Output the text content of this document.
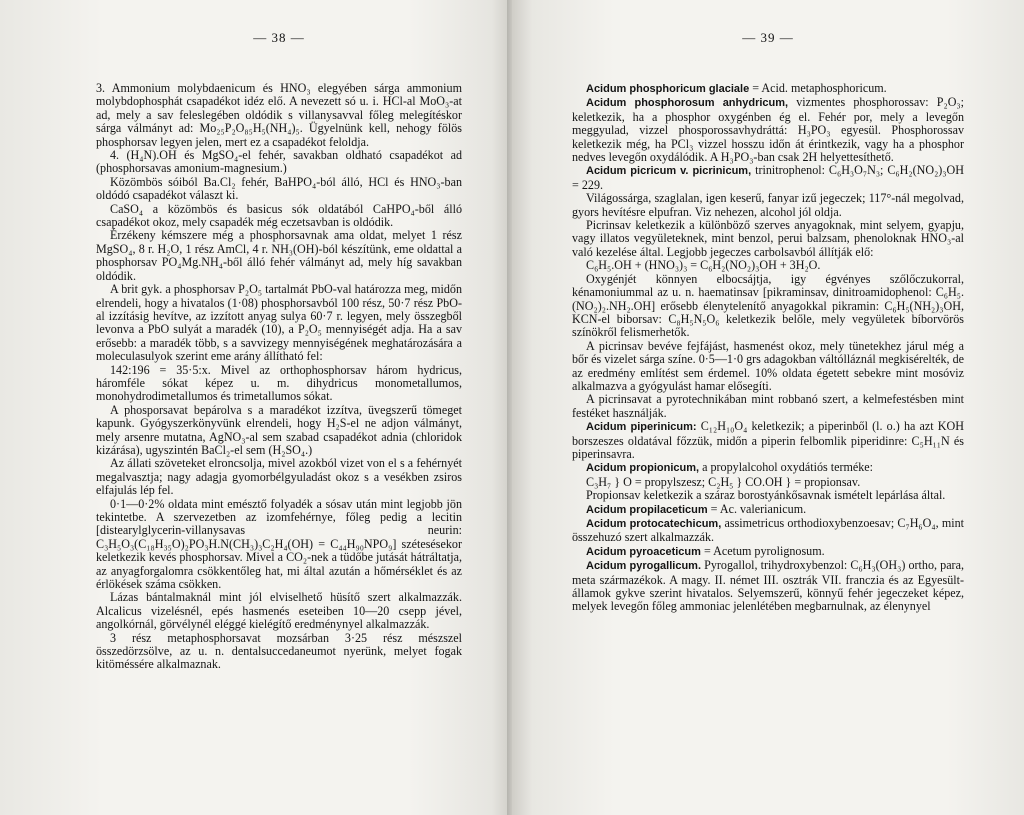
— 38 —

3. Ammonium molybdaenicum és HNO₃ elegyében sárga ammonium molybdophosphát csapadékot idéz elő. A nevezett só u. i. HCl-al MoO₃-at ad, mely a sav feleslegében oldódik s villanysavval főleg melegítéskor sárga válmányt ad: Mo₂₅P₂O₈₅H₅(NH₄)₅. Ügyelnünk kell, nehogy fölös phosphorsav legyen jelen, mert ez a csapadékot feloldja.

4. (H₄N).OH és MgSO₄-el fehér, savakban oldható csapadékot ad (phosphorsavas amonium-magnesium.)

Közömbös sóiból Ba.Cl₂ fehér, BaHPO₄-ból álló, HCl és HNO₃-ban oldódó csapadékot választ ki.

CaSO₄ a közömbös és basicus sók oldatából CaHPO₄-ből álló csapadékot okoz, mely csapadék még eczetsavban is oldódik.

Érzékeny kémszere még a phosphorsavnak ama oldat, melyet 1 rész MgSO₄, 8 r. H₂O, 1 rész AmCl, 4 r. NH₃(OH)-ból készítünk, eme oldattal a phosphorsav PO₄Mg.NH₄-ből álló fehér válmányt ad, mely híg savakban oldódik.

A brit gyk. a phosphorsav P₂O₅ tartalmát PbO-val határozza meg, midőn elrendeli, hogy a hivatalos (1·08) phosphorsavból 100 rész, 50·7 rész PbO-al izzításig hevítve, az izzított anyag sulya 60·7 r. legyen, mely összegből levonva a PbO sulyát a maradék (10), a P₂O₅ mennyiségét adja. Ha a sav erősebb: a maradék több, s a savvizegy mennyiségének meghatározására a moleculasulyok szerint eme arány állítható fel:

142:196 = 35·5:x. Mivel az orthophosphorsav három hydricus, háromféle sókat képez u. m. dihydricus monometallumos, monohydrodimetallumos és trimetallumos sókat.

A phosporsavat bepárolva s a maradékot izzítva, üvegszerű tömeget kapunk. Gyógyszerkönyvünk elrendeli, hogy H₂S-el ne adjon válmányt, mely arsenre mutatna, AgNO₃-al sem szabad csapadékot adnia (chloridok kizárása), ugyszintén BaCl₂-el sem (H₂SO₄.)

Az állati szöveteket elroncsolja, mivel azokból vizet von el s a fehérnyét megalvasztja; nagy adagja gyomorbélgyuladást okoz s a vesékben zsiros elfajulás lép fel.

0·1—0·2% oldata mint emésztő folyadék a sósav után mint legjobb jön tekintetbe. A szervezetben az izomfehérnye, főleg pedig a lecitin [distearylglycerin-villanysavas neurin: C₃H₅O₃(C₁₈H₃₅O)₂PO₃H.N(CH₃)₃C₂H₄(OH) = C₄₄H₉₀NPO₉] szétesésekor keletkezik kevés phosphorsav. Mivel a CO₂-nek a tüdőbe jutását hátráltatja, az anyagforgalomra csökkentőleg hat, mi által azután a hőmérséklet és az érlökések száma csökken.

Lázas bántalmaknál mint jól elviselhető hüsítő szert alkalmazzák. Alcalicus vizelésnél, epés hasmenés eseteiben 10—20 csepp jével, angolkórnál, görvélynél eléggé kielégítő eredménynyel alkalmazzák.

3 rész metaphosphorsavat mozsárban 3·25 rész mészszel összedörzsölve, az u. n. dentalsuccedaneumot nyerünk, melyet fogak kitöméssére alkalmaznak.

— 39 —

Acidum phosphoricum glaciale = Acid. metaphosphoricum.

Acidum phosphorosum anhydricum, vizmentes phosphorossav: P₂O₃; keletkezik, ha a phosphor oxygénben ég el. Fehér por, mely a levegőn meggyulad, vizzel phosporossavhydráttá: H₃PO₃ egyesül. Phosphorossav keletkezik még, ha PCl₃ vizzel hosszu időn át érintkezik, vagy ha a phosphor nedves levegőn oxydálódik. A H₃PO₃-ban csak 2H helyettesíthető.

Acidum picricum v. picrinicum, trinitrophenol: C₆H₃O₇N₃; C₆H₂(NO₂)₃OH = 229.

Világossárga, szaglalan, igen keserű, fanyar izű jegeczek; 117°-nál megolvad, gyors hevítésre elpufran. Viz nehezen, alcohol jól oldja.

Picrinsav keletkezik a különböző szerves anyagoknak, mint selyem, gyapju, vagy illatos vegyületeknek, mint benzol, perui balzsam, phenoloknak HNO₃-al való kezelése által. Legjobb jegeczes carbolsavból állítják elő:

C₆H₅.OH + (HNO₃)₃ = C₆H₂(NO₂)₃OH + 3H₂O.

Oxygénjét könnyen elbocsájtja, igy égvényes szőlőczukorral, kénamoniummal az u. n. haematinsav [pikraminsav, dinitroamidophenol: C₆H₅.(NO₂)₂.NH₂.OH] erősebb élenytelenítő anyagokkal pikramin: C₆H₅(NH₂)₃OH, KCN-el biborsav: C₈H₅N₅O₆ keletkezik belőle, mely vegyületek bíborvörös színökről felismerhetők.

A picrinsav bevéve fejfájást, hasmenést okoz, mely tünetekhez járul még a bőr és vizelet sárga színe. 0·5—1·0 grs adagokban váltólláznál megkisérelték, de az eredmény említést sem érdemel. 10% oldata égetett sebekre mint mosóviz alkalmazva a gyógyulást hamar elősegíti.

A picrinsavat a pyrotechnikában mint robbanó szert, a kelmefestésben mint festéket használják.

Acidum piperinicum: C₁₂H₁₀O₄ keletkezik; a piperinből (l. o.) ha azt KOH borszeszes oldatával főzzük, midőn a piperin felbomlik piperidinre: C₅H₁₁N és piperinsavra.

Acidum propionicum, a propylalcohol oxydátiós terméke:

C₃H₇ } O = propylszesz; C₂H₅ } CO.OH } = propionsav.

Propionsav keletkezik a száraz borostyánkősavnak ismételt lepárlása által.

Acidum propilaceticum = Ac. valerianicum.

Acidum protocatechicum, assimetricus orthodioxybenzoesav; C₇H₆O₄, mint összehuzó szert alkalmazzák.

Acidum pyroaceticum = Acetum pyrolignosum.

Acidum pyrogallicum. Pyrogallol, trihydroxybenzol: C₆H₃(OH₃) ortho, para, meta származékok. A magy. II. német III. osztrák VII. franczia és az Egyesült-államok gykve szerint hivatalos. Selyemszerű, könnyű fehér jegeczeket képez, melyek levegőn főleg ammoniac jelenlétében megbarnulnak, az élenynyel
